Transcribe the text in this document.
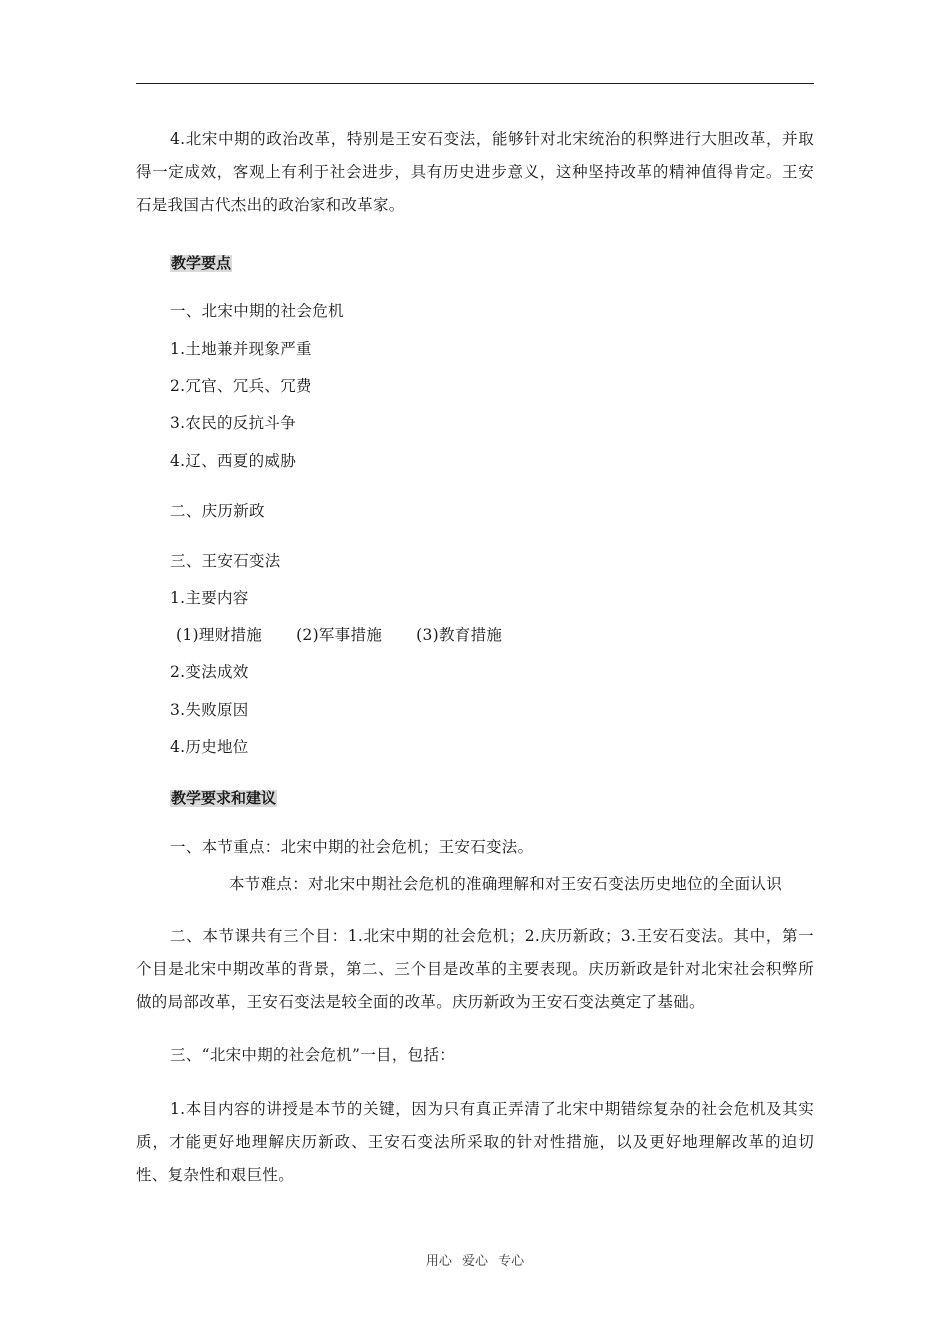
4.北宋中期的政治改革，特别是王安石变法，能够针对北宋统治的积弊进行大胆改革，并取得一定成效，客观上有利于社会进步，具有历史进步意义，这种坚持改革的精神值得肯定。王安石是我国古代杰出的政治家和改革家。
教学要点
一、北宋中期的社会危机
1.土地兼并现象严重
2.冗官、冗兵、冗费
3.农民的反抗斗争
4.辽、西夏的威胁
二、庆历新政
三、王安石变法
1.主要内容
(1)理财措施 (2)军事措施 (3)教育措施
2.变法成效
3.失败原因
4.历史地位
教学要求和建议
一、本节重点：北宋中期的社会危机；王安石变法。
本节难点：对北宋中期社会危机的准确理解和对王安石变法历史地位的全面认识
二、本节课共有三个目：1.北宋中期的社会危机；2.庆历新政；3.王安石变法。其中，第一个目是北宋中期改革的背景，第二、三个目是改革的主要表现。庆历新政是针对北宋社会积弊所做的局部改革，王安石变法是较全面的改革。庆历新政为王安石变法奠定了基础。
三、“北宋中期的社会危机”一目，包括：
1.本目内容的讲授是本节的关键，因为只有真正弄清了北宋中期错综复杂的社会危机及其实质，才能更好地理解庆历新政、王安石变法所采取的针对性措施，以及更好地理解改革的迫切性、复杂性和艰巨性。
用心 爱心 专心
